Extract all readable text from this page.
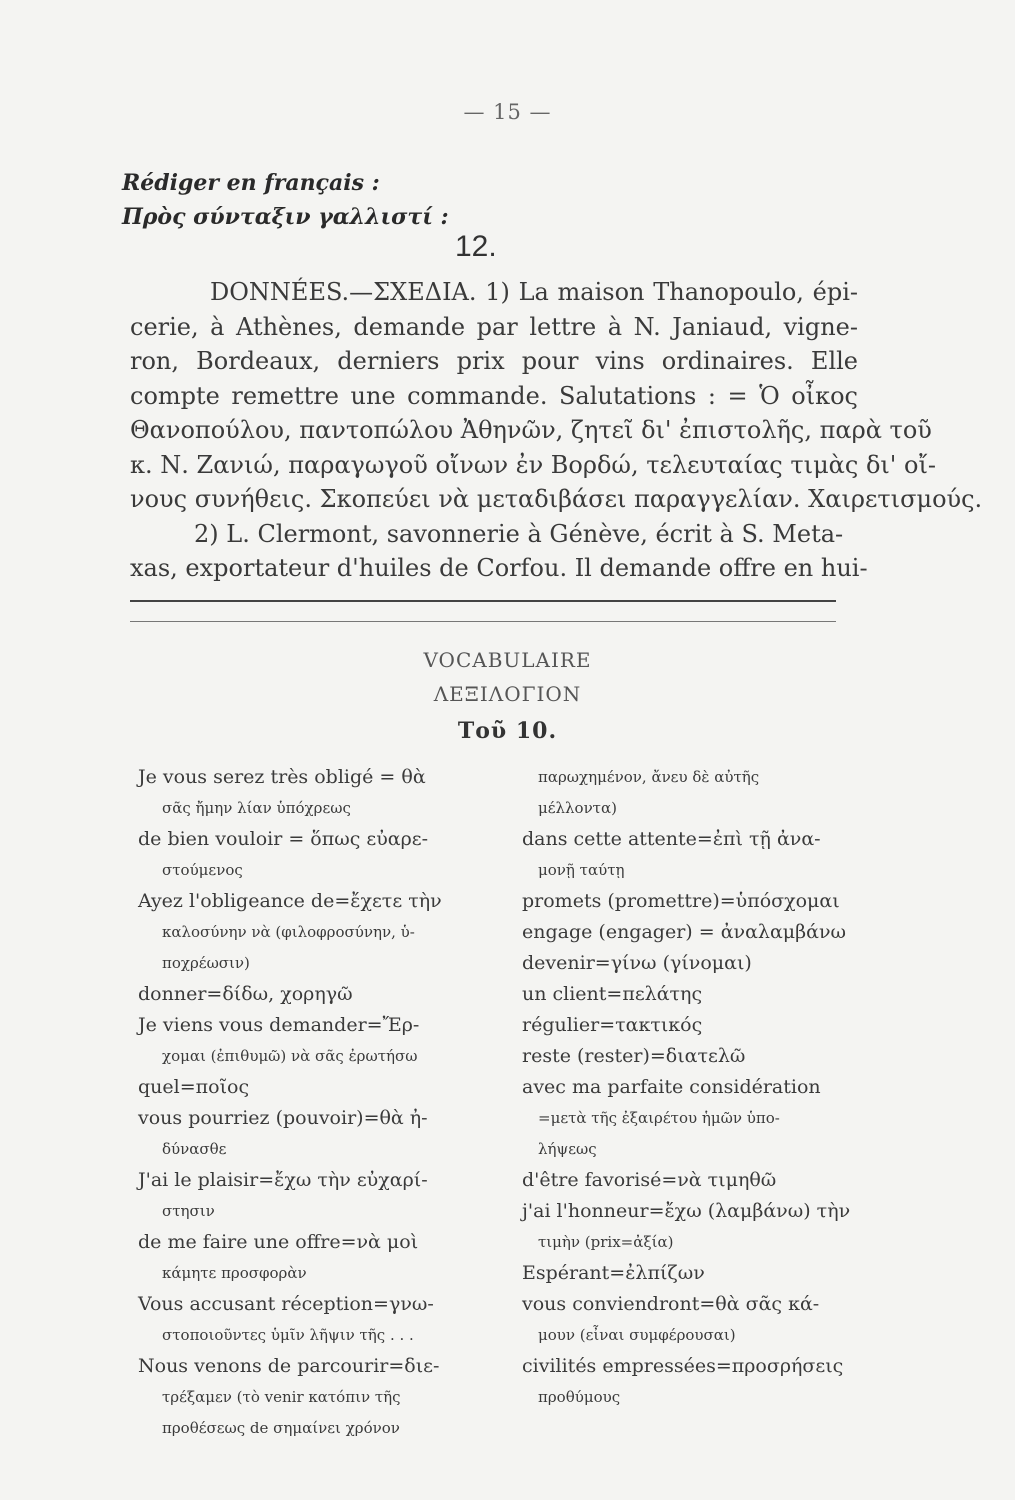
— 15 —
Rédiger en français :
Πρὸς σύνταξιν γαλλιστί :
12.

DONNÉES.—ΣΧΕΔΙΑ. 1) La maison Thanopoulo, épi-

cerie, à Athènes, demande par lettre à N. Janiaud, vigne-

ron, Bordeaux, derniers prix pour vins ordinaires. Elle

compte remettre une commande. Salutations : = Ὁ οἶκος

Θανοπούλου, παντοπώλου Ἀθηνῶν, ζητεῖ δι' ἐπιστολῆς, παρὰ τοῦ

κ. Ν. Ζανιώ, παραγωγοῦ οἴνων ἐν Βορδώ, τελευταίας τιμὰς δι' οἴ-

νους συνήθεις. Σκοπεύει νὰ μεταδιβάσει παραγγελίαν. Χαιρετισμούς.

2) L. Clermont, savonnerie à Génève, écrit à S. Meta-

xas, exportateur d'huiles de Corfou. Il demande offre en hui-

VOCABULAIRE
ΛΕΞΙΛΟΓΙΟΝ
Τοῦ 10.
Je vous serez très obligé = θὰ
σᾶς ἤμην λίαν ὑπόχρεως
de bien vouloir = ὅπως εὐαρε-
στούμενος
Ayez l'obligeance de=ἔχετε τὴν
καλοσύνην νὰ (φιλοφροσύνην, ὑ-
ποχρέωσιν)
donner=δίδω, χορηγῶ
Je viens vous demander=Ἔρ-
χομαι (ἐπιθυμῶ) νὰ σᾶς ἐρωτήσω
quel=ποῖος
vous pourriez (pouvoir)=θὰ ἠ-
δύνασθε
J'ai le plaisir=ἔχω τὴν εὐχαρί-
στησιν
de me faire une offre=νὰ μοὶ
κάμητε προσφορὰν
Vous accusant réception=γνω-
στοποιοῦντες ὑμῖν λῆψιν τῆς . . .
Nous venons de parcourir=διε-
τρέξαμεν (τὸ venir κατόπιν τῆς
προθέσεως de σημαίνει χρόνον
παρωχημένον, ἄνευ δὲ αὐτῆς
μέλλοντα)
dans cette attente=ἐπὶ τῇ ἀνα-
μονῇ ταύτῃ
promets (promettre)=ὑπόσχομαι
engage (engager) = ἀναλαμβάνω
devenir=γίνω (γίνομαι)
un client=πελάτης
régulier=τακτικός
reste (rester)=διατελῶ
avec ma parfaite considération
=μετὰ τῆς ἐξαιρέτου ἡμῶν ὑπο-
λήψεως
d'être favorisé=νὰ τιμηθῶ
j'ai l'honneur=ἔχω (λαμβάνω) τὴν
τιμὴν (prix=ἀξία)
Espérant=ἐλπίζων
vous conviendront=θὰ σᾶς κά-
μουν (εἶναι συμφέρουσαι)
civilités empressées=προσρήσεις
προθύμους
